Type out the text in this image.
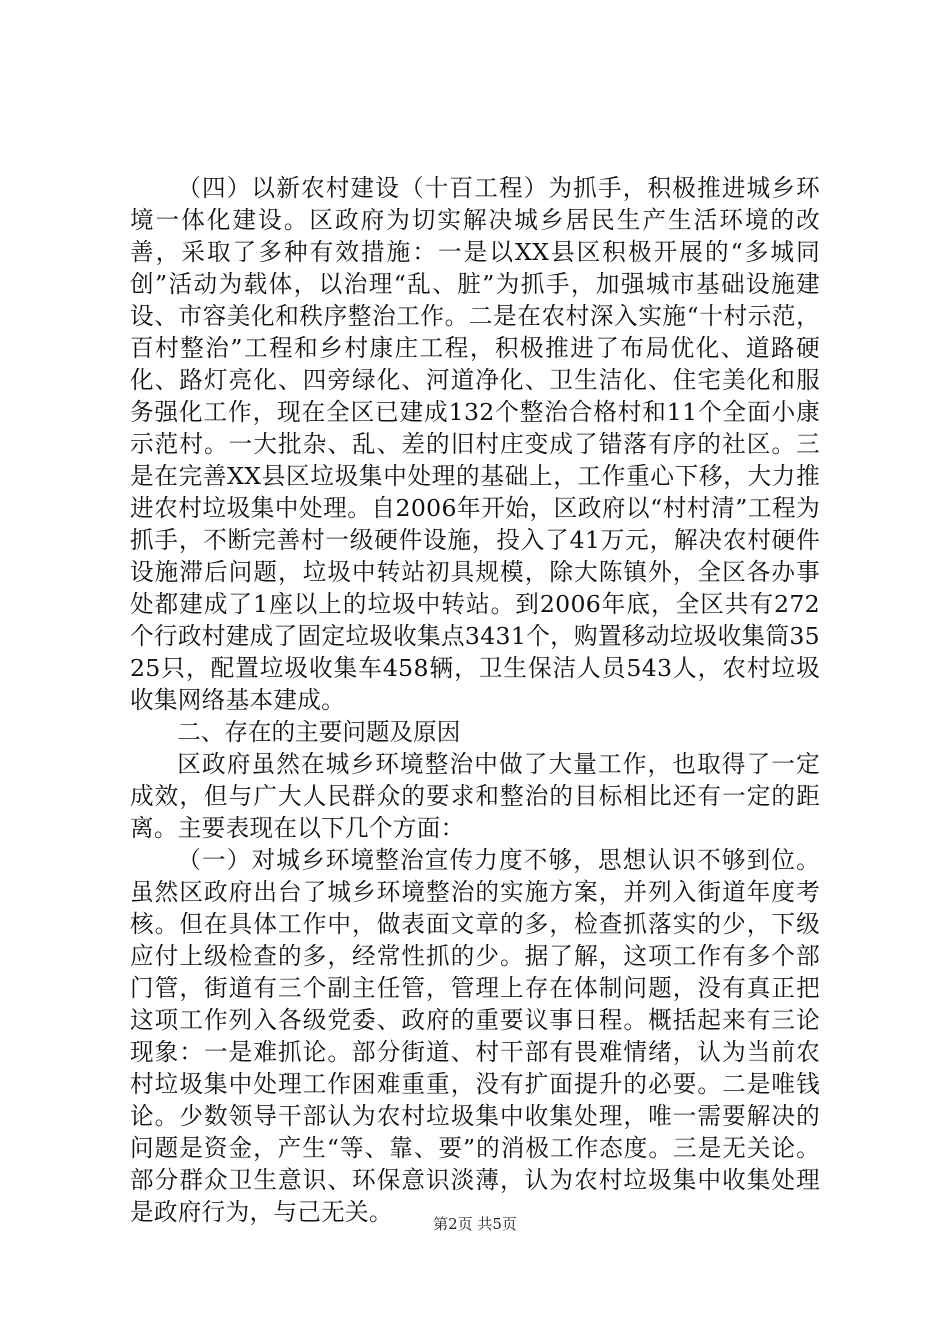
（四）以新农村建设（十百工程）为抓手，积极推进城乡环境一体化建设。区政府为切实解决城乡居民生产生活环境的改善，采取了多种有效措施：一是以XX县区积极开展的“多城同创”活动为载体，以治理“乱、脏”为抓手，加强城市基础设施建设、市容美化和秩序整治工作。二是在农村深入实施“十村示范，百村整治”工程和乡村康庄工程，积极推进了布局优化、道路硬化、路灯亮化、四旁绿化、河道净化、卫生洁化、住宅美化和服务强化工作，现在全区已建成132个整治合格村和11个全面小康示范村。一大批杂、乱、差的旧村庄变成了错落有序的社区。三是在完善XX县区垃圾集中处理的基础上，工作重心下移，大力推进农村垃圾集中处理。自2006年开始，区政府以“村村清”工程为抓手，不断完善村一级硬件设施，投入了41万元，解决农村硬件设施滞后问题，垃圾中转站初具规模，除大陈镇外，全区各办事处都建成了1座以上的垃圾中转站。到2006年底，全区共有272个行政村建成了固定垃圾收集点3431个，购置移动垃圾收集筒3525只，配置垃圾收集车458辆，卫生保洁人员543人，农村垃圾收集网络基本建成。

二、存在的主要问题及原因

区政府虽然在城乡环境整治中做了大量工作，也取得了一定成效，但与广大人民群众的要求和整治的目标相比还有一定的距离。主要表现在以下几个方面：

（一）对城乡环境整治宣传力度不够，思想认识不够到位。虽然区政府出台了城乡环境整治的实施方案，并列入街道年度考核。但在具体工作中，做表面文章的多，检查抓落实的少，下级应付上级检查的多，经常性抓的少。据了解，这项工作有多个部门管，街道有三个副主任管，管理上存在体制问题，没有真正把这项工作列入各级党委、政府的重要议事日程。概括起来有三论现象：一是难抓论。部分街道、村干部有畏难情绪，认为当前农村垃圾集中处理工作困难重重，没有扩面提升的必要。二是唯钱论。少数领导干部认为农村垃圾集中收集处理，唯一需要解决的问题是资金，产生“等、靠、要”的消极工作态度。三是无关论。部分群众卫生意识、环保意识淡薄，认为农村垃圾集中收集处理是政府行为，与己无关。	第2页 共5页
